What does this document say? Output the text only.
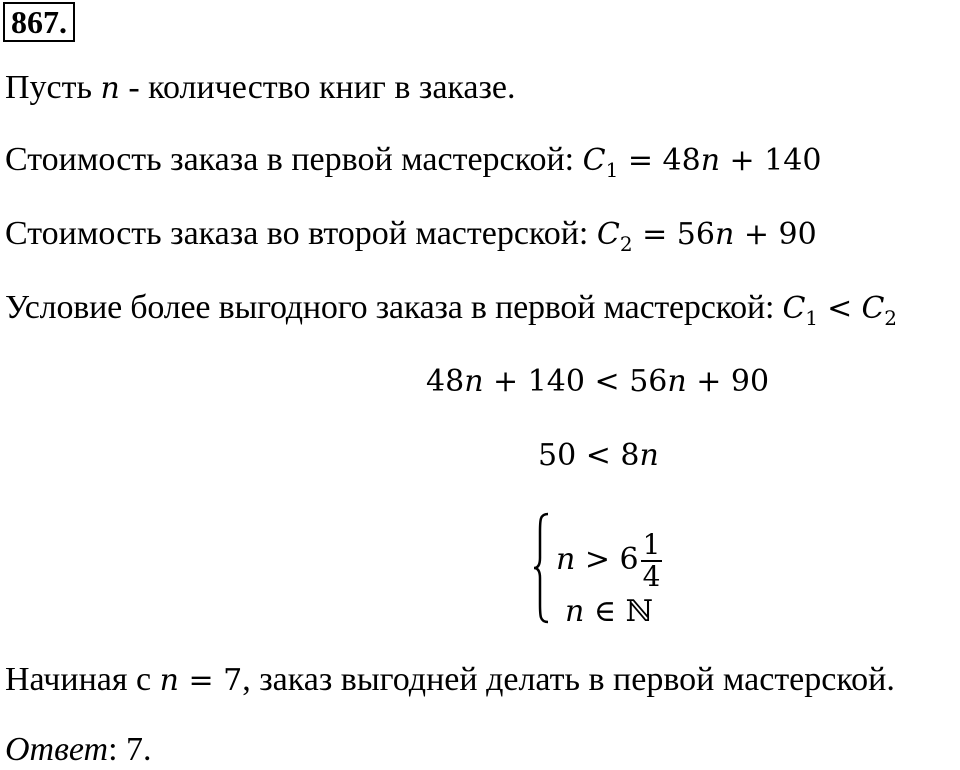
867.
Пусть n - количество книг в заказе.
Стоимость заказа в первой мастерской: $C_1 = 48n + 140$
Стоимость заказа во второй мастерской: $C_2 = 56n + 90$
Условие более выгодного заказа в первой мастерской: $C_1 < C_2$
48n + 140 < 56n + 90
50 < 8n
$n > 6 \frac{1}{4}$
n ∈ ℕ
Начиная с n = 7, заказ выгодней делать в первой мастерской.
Ответ: 7.
